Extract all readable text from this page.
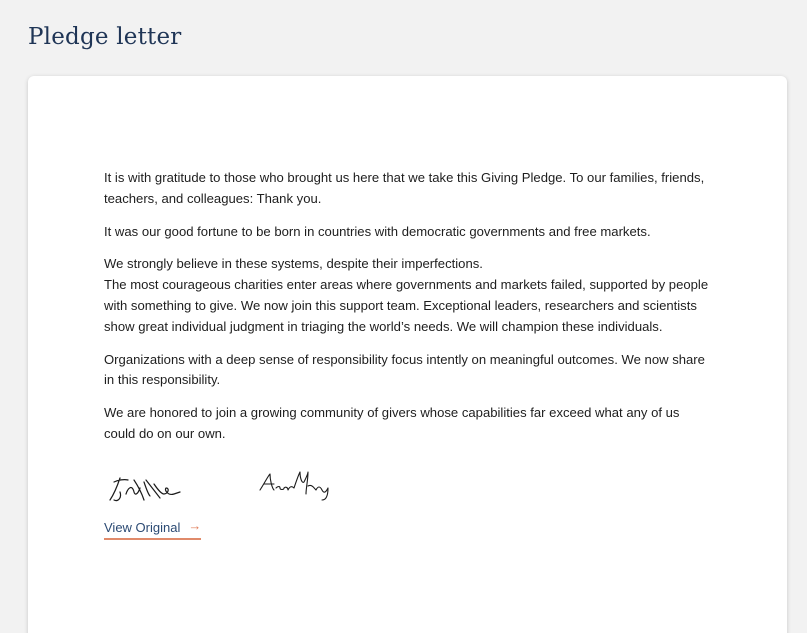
Pledge letter

It is with gratitude to those who brought us here that we take this Giving Pledge. To our families, friends, teachers, and colleagues: Thank you.

It was our good fortune to be born in countries with democratic governments and free markets.

We strongly believe in these systems, despite their imperfections.
The most courageous charities enter areas where governments and markets failed, supported by people with something to give. We now join this support team. Exceptional leaders, researchers and scientists show great individual judgment in triaging the world’s needs. We will champion these individuals.

Organizations with a deep sense of responsibility focus intently on meaningful outcomes. We now share in this responsibility.

We are honored to join a growing community of givers whose capabilities far exceed what any of us could do on our own.

View Original →
